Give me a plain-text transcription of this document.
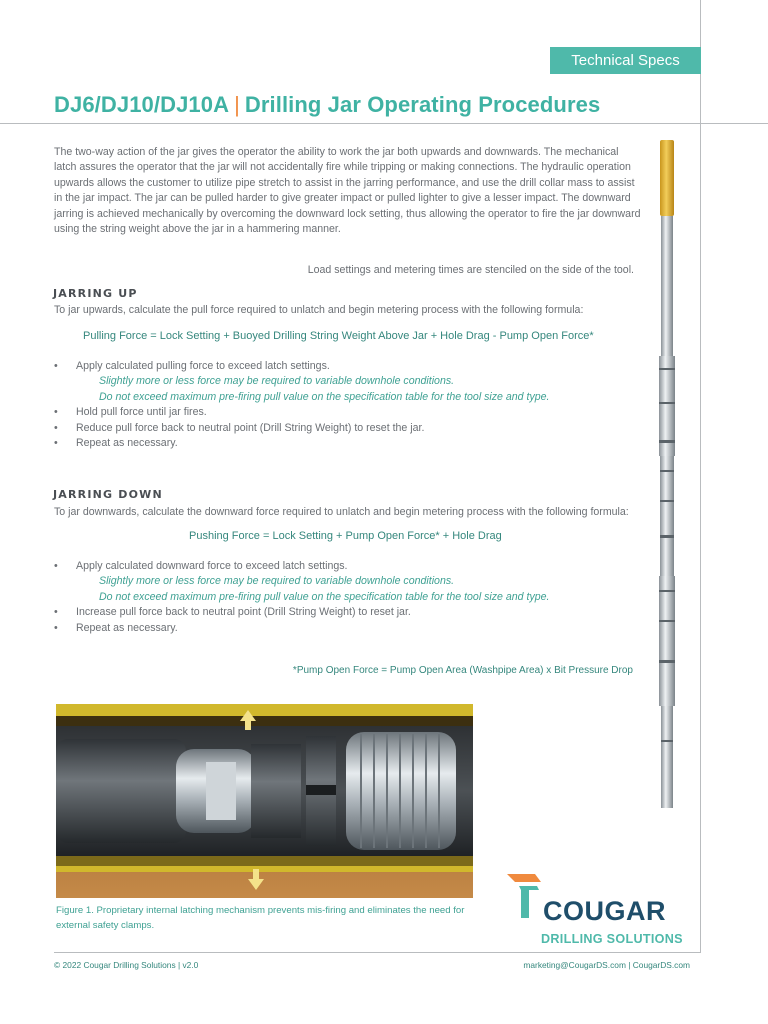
Technical Specs
DJ6/DJ10/DJ10A | Drilling Jar Operating Procedures

The two-way action of the jar gives the operator the ability to work the jar both upwards and downwards. The mechanical latch assures the operator that the jar will not accidentally fire while tripping or making connections. The hydraulic operation upwards allows the customer to utilize pipe stretch to assist in the jarring performance, and use the drill collar mass to assist in the jar impact. The jar can be pulled harder to give greater impact or pulled lighter to give a lesser impact. The downward jarring is achieved mechanically by overcoming the downward lock setting, thus allowing the operator to fire the jar downward using the string weight above the jar in a hammering manner.

Load settings and metering times are stenciled on the side of the tool.

JARRING UP

To jar upwards, calculate the pull force required to unlatch and begin metering process with the following formula:

Pulling Force = Lock Setting + Buoyed Drilling String Weight Above Jar + Hole Drag - Pump Open Force*
• Apply calculated pulling force to exceed latch settings.
Slightly more or less force may be required to variable downhole conditions.
Do not exceed maximum pre-firing pull value on the specification table for the tool size and type.
• Hold pull force until jar fires.
• Reduce pull force back to neutral point (Drill String Weight) to reset the jar.
• Repeat as necessary.
JARRING DOWN

To jar downwards, calculate the downward force required to unlatch and begin metering process with the following formula:

Pushing Force = Lock Setting + Pump Open Force* + Hole Drag
• Apply calculated downward force to exceed latch settings.
Slightly more or less force may be required to variable downhole conditions.
Do not exceed maximum pre-firing pull value on the specification table for the tool size and type.
• Increase pull force back to neutral point (Drill String Weight) to reset jar.
• Repeat as necessary.

*Pump Open Force = Pump Open Area (Washpipe Area) x Bit Pressure Drop

Figure 1. Proprietary internal latching mechanism prevents mis-firing and eliminates the need for external safety clamps.	COUGAR
DRILLING SOLUTIONS
© 2022 Cougar Drilling Solutions | v2.0	marketing@CougarDS.com | CougarDS.com
